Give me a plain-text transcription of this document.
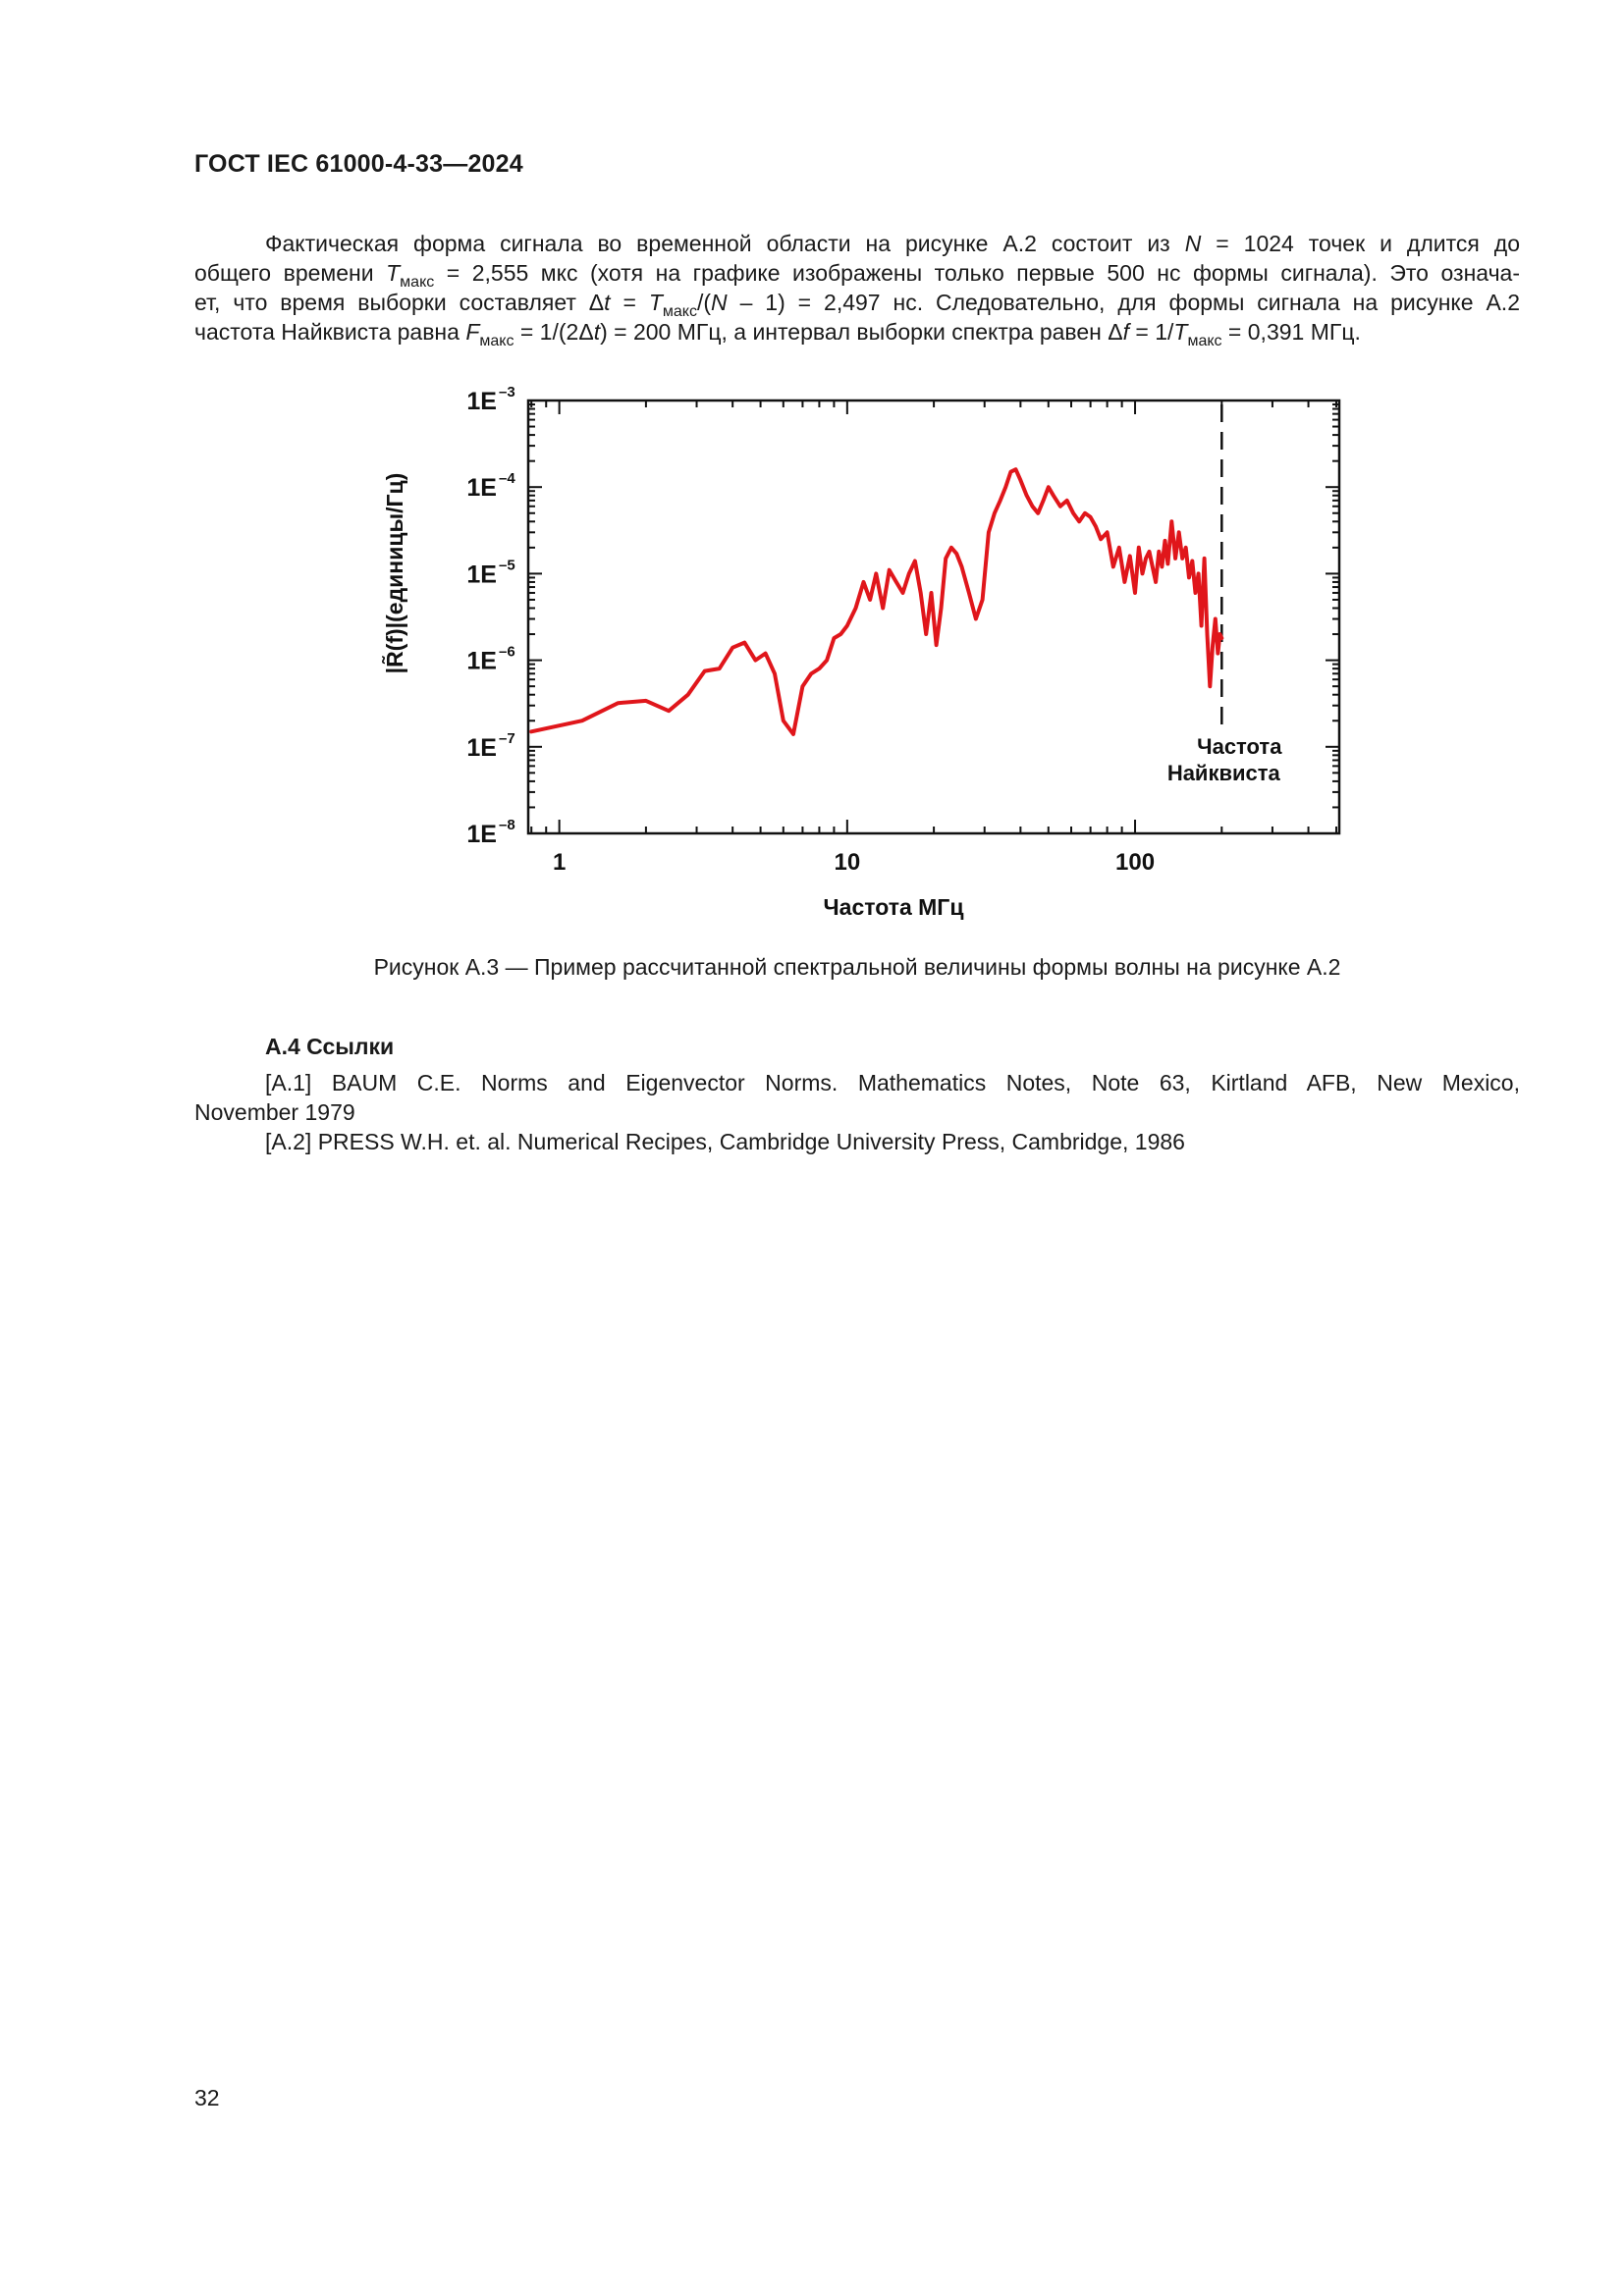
ГОСТ IEC 61000-4-33—2024
Фактическая форма сигнала во временной области на рисунке А.2 состоит из N = 1024 точек и длится до
общего времени $T_{макс} = 2,555$ мкс (хотя на графике изображены только первые 500 нс формы сигнала). Это означа-
ет, что время выборки составляет $\Delta t = T_{макс}/(N - 1) = 2,497$ нс. Следовательно, для формы сигнала на рисунке А.2
частота Найквиста равна $F_{макс} = 1/(2\Delta t) = 200$ МГц, а интервал выборки спектра равен $\Delta f = 1/T_{макс} = 0,391$ МГц.
1E –3
1E –4
1E –5
1E –6
1E –7
1E –8
1	10	100
Частота
Найквиста
Частота МГц
|R̃(f)|(единицы/Гц)
Рисунок А.3 — Пример рассчитанной спектральной величины формы волны на рисунке А.2
А.4 Ссылки
[A.1] BAUM C.E. Norms and Eigenvector Norms. Mathematics Notes, Note 63, Kirtland AFB, New Mexico,
November 1979
[A.2] PRESS W.H. et. al. Numerical Recipes, Cambridge University Press, Cambridge, 1986
32
